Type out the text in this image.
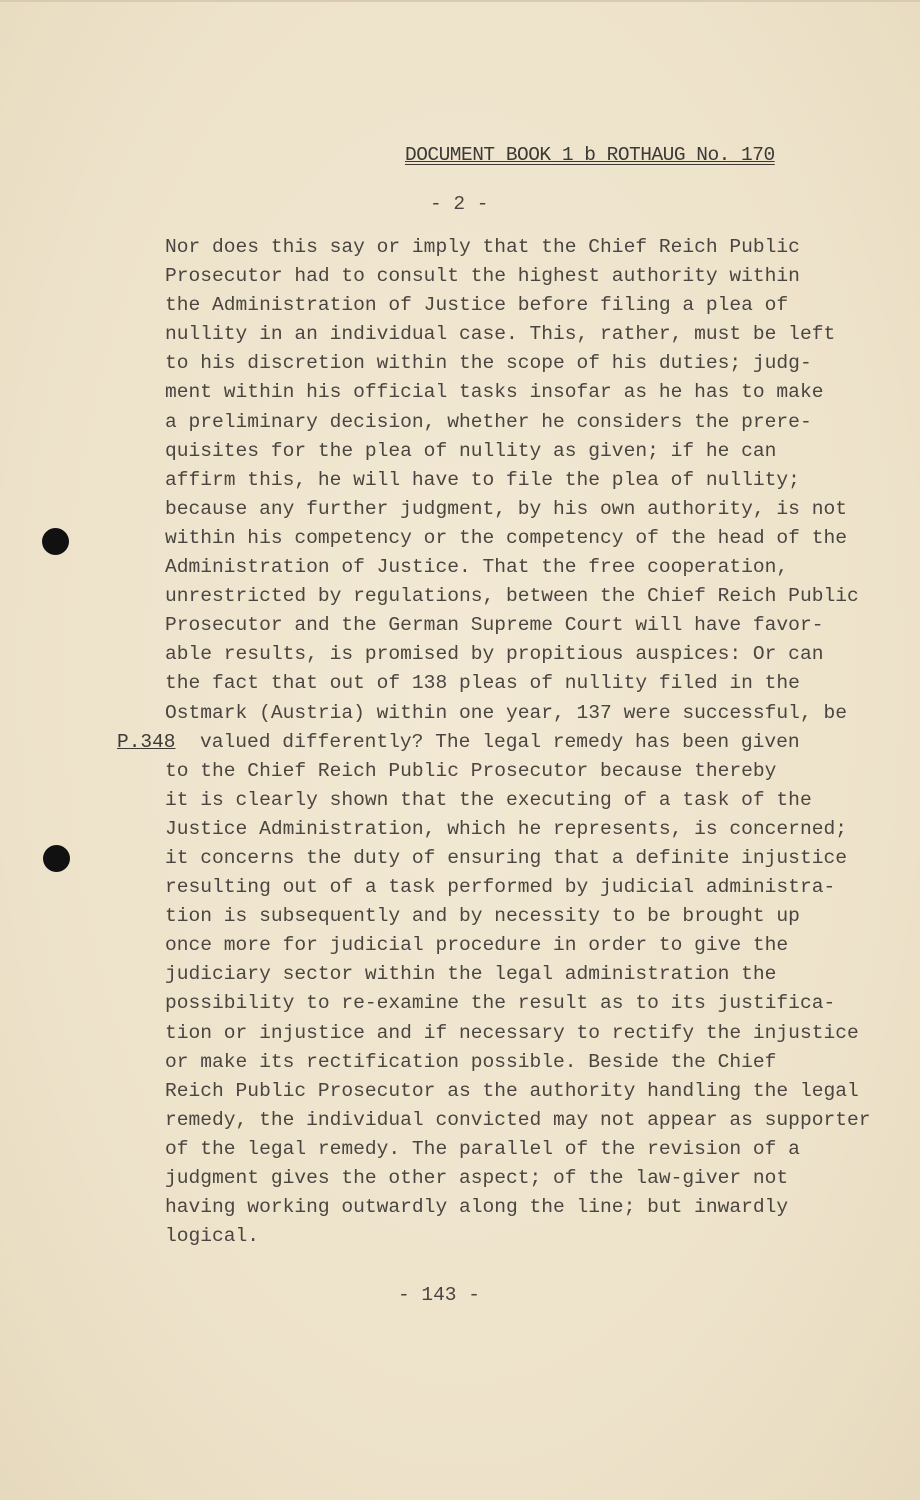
DOCUMENT BOOK 1 b ROTHAUG No. 170
- 2 -
P.348
Nor does this say or imply that the Chief Reich Public
Prosecutor had to consult the highest authority within
the Administration of Justice before filing a plea of
nullity in an individual case. This, rather, must be left
to his discretion within the scope of his duties; judg-
ment within his official tasks insofar as he has to make
a preliminary decision, whether he considers the prere-
quisites for the plea of nullity as given; if he can
affirm this, he will have to file the plea of nullity;
because any further judgment, by his own authority, is not
within his competency or the competency of the head of the
Administration of Justice. That the free cooperation,
unrestricted by regulations, between the Chief Reich Public
Prosecutor and the German Supreme Court will have favor-
able results, is promised by propitious auspices: Or can
the fact that out of 138 pleas of nullity filed in the
Ostmark (Austria) within one year, 137 were successful, be
valued differently? The legal remedy has been given
to the Chief Reich Public Prosecutor because thereby
it is clearly shown that the executing of a task of the
Justice Administration, which he represents, is concerned;
it concerns the duty of ensuring that a definite injustice
resulting out of a task performed by judicial administra-
tion is subsequently and by necessity to be brought up
once more for judicial procedure in order to give the
judiciary sector within the legal administration the
possibility to re-examine the result as to its justifica-
tion or injustice and if necessary to rectify the injustice
or make its rectification possible. Beside the Chief
Reich Public Prosecutor as the authority handling the legal
remedy, the individual convicted may not appear as supporter
of the legal remedy. The parallel of the revision of a
judgment gives the other aspect; of the law-giver not
having working outwardly along the line; but inwardly
logical.
- 143 -
